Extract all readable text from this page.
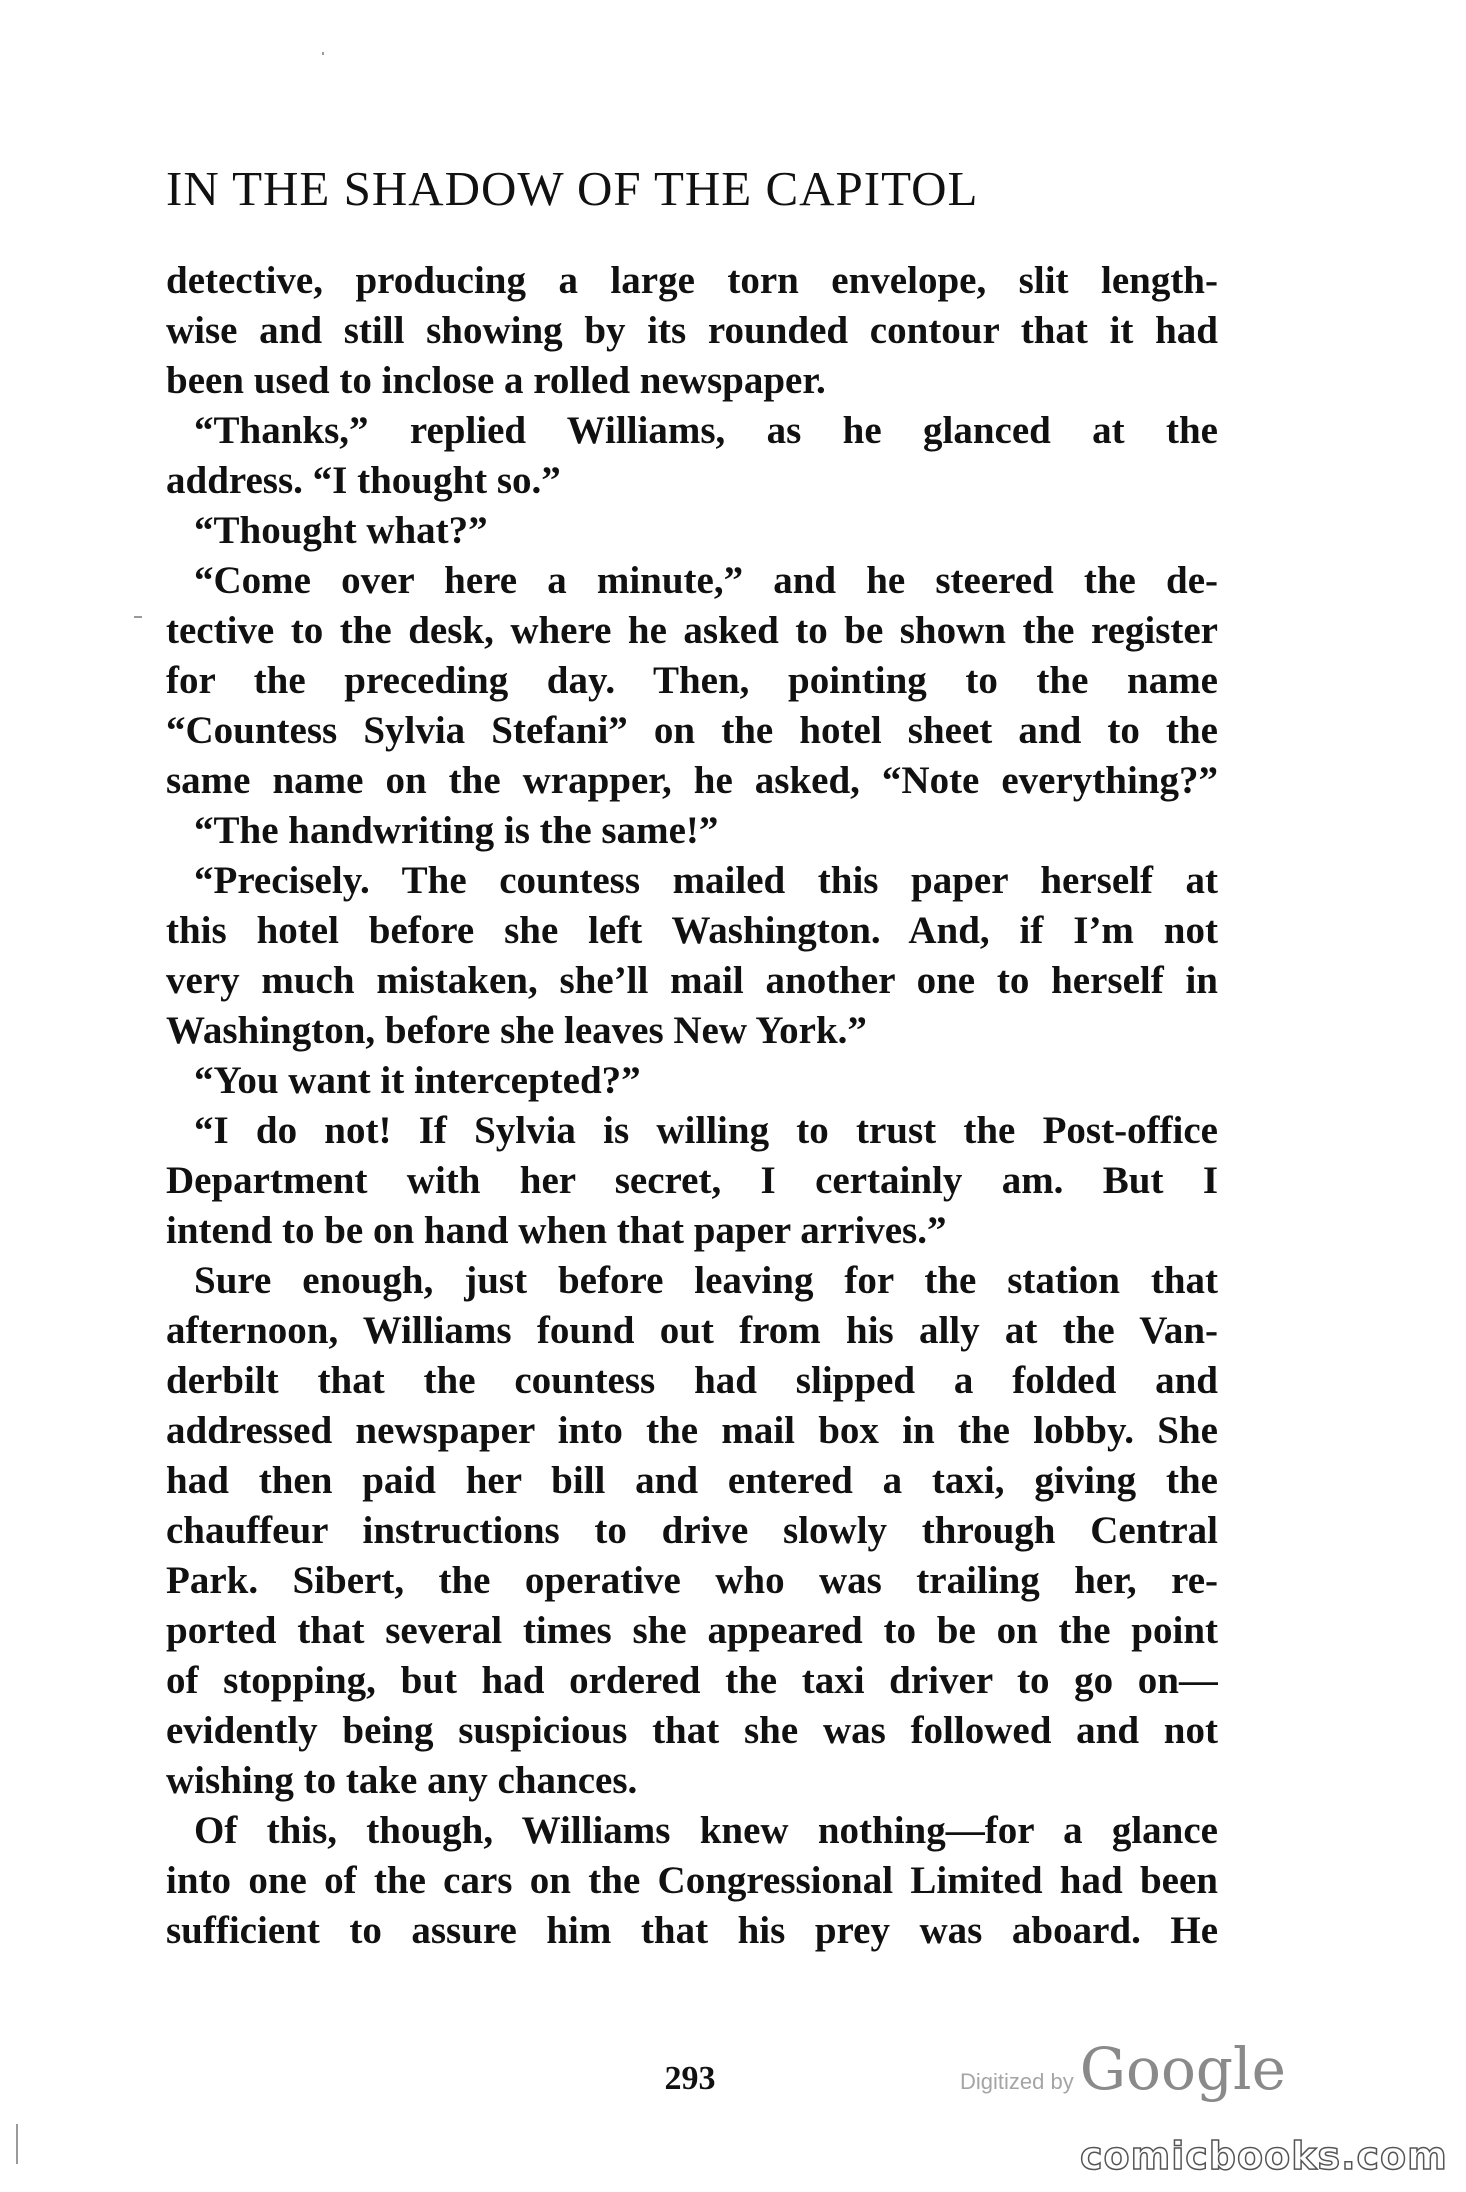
IN THE SHADOW OF THE CAPITOL
detective, producing a large torn envelope, slit length-
wise and still showing by its rounded contour that it had
been used to inclose a rolled newspaper.
“Thanks,” replied Williams, as he glanced at the
address. “I thought so.”
“Thought what?”
“Come over here a minute,” and he steered the de-
tective to the desk, where he asked to be shown the register
for the preceding day. Then, pointing to the name
“Countess Sylvia Stefani” on the hotel sheet and to the
same name on the wrapper, he asked, “Note everything?”
“The handwriting is the same!”
“Precisely. The countess mailed this paper herself at
this hotel before she left Washington. And, if I’m not
very much mistaken, she’ll mail another one to herself in
Washington, before she leaves New York.”
“You want it intercepted?”
“I do not! If Sylvia is willing to trust the Post-office
Department with her secret, I certainly am. But I
intend to be on hand when that paper arrives.”
Sure enough, just before leaving for the station that
afternoon, Williams found out from his ally at the Van-
derbilt that the countess had slipped a folded and
addressed newspaper into the mail box in the lobby. She
had then paid her bill and entered a taxi, giving the
chauffeur instructions to drive slowly through Central
Park. Sibert, the operative who was trailing her, re-
ported that several times she appeared to be on the point
of stopping, but had ordered the taxi driver to go on—
evidently being suspicious that she was followed and not
wishing to take any chances.
Of this, though, Williams knew nothing—for a glance
into one of the cars on the Congressional Limited had been
sufficient to assure him that his prey was aboard. He
293	Digitized by Google
comicbooks.com
